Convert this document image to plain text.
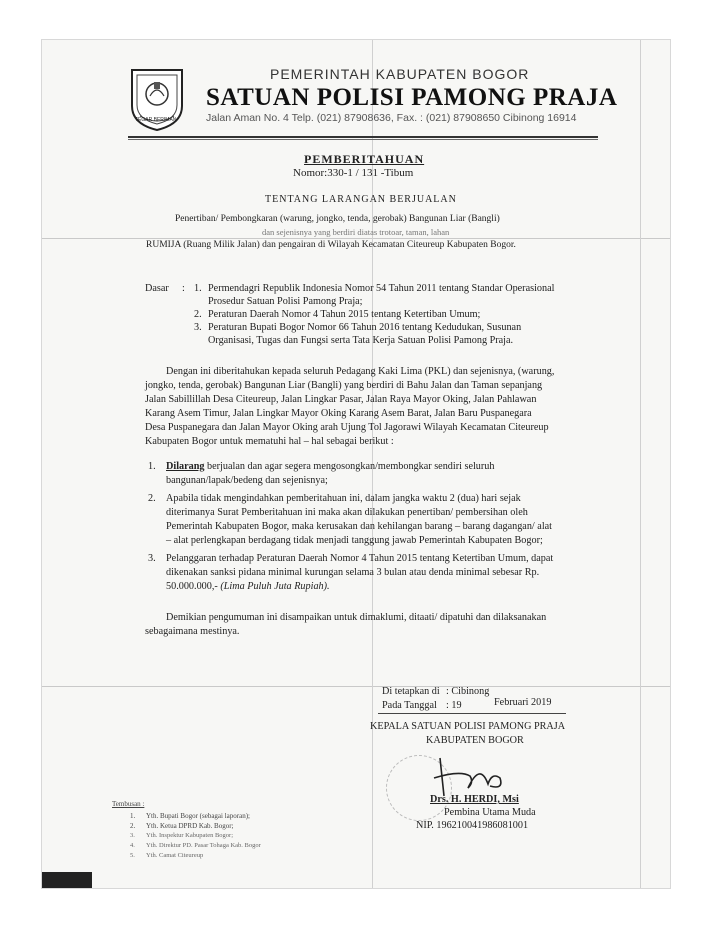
TEGAR BERIMAN
PEMERINTAH KABUPATEN BOGOR
SATUAN POLISI PAMONG PRAJA
Jalan Aman No. 4 Telp. (021) 87908636, Fax. : (021) 87908650 Cibinong 16914
PEMBERITAHUAN
Nomor:330-1 / 131 -Tibum
TENTANG LARANGAN BERJUALAN
Penertiban/ Pembongkaran (warung, jongko, tenda, gerobak) Bangunan Liar (Bangli)
dan sejenisnya yang berdiri diatas trotoar, taman, lahan
RUMIJA (Ruang Milik Jalan) dan pengairan di Wilayah Kecamatan Citeureup Kabupaten Bogor.
Dasar : 1. Permendagri Republik Indonesia Nomor 54 Tahun 2011 tentang Standar Operasional
Prosedur Satuan Polisi Pamong Praja;
2. Peraturan Daerah Nomor 4 Tahun 2015 tentang Ketertiban Umum;
3. Peraturan Bupati Bogor Nomor 66 Tahun 2016 tentang Kedudukan, Susunan
Organisasi, Tugas dan Fungsi serta Tata Kerja Satuan Polisi Pamong Praja.
Dengan ini diberitahukan kepada seluruh Pedagang Kaki Lima (PKL) dan sejenisnya, (warung,
jongko, tenda, gerobak) Bangunan Liar (Bangli) yang berdiri di Bahu Jalan dan Taman sepanjang
Jalan Sabillillah Desa Citeureup, Jalan Lingkar Pasar, Jalan Raya Mayor Oking, Jalan Pahlawan
Karang Asem Timur, Jalan Lingkar Mayor Oking Karang Asem Barat, Jalan Baru Puspanegara
Desa Puspanegara dan Jalan Mayor Oking arah Ujung Tol Jagorawi Wilayah Kecamatan Citeureup
Kabupaten Bogor untuk mematuhi hal – hal sebagai berikut :
1. Dilarang berjualan dan agar segera mengosongkan/membongkar sendiri seluruh
bangunan/lapak/bedeng dan sejenisnya;
2. Apabila tidak mengindahkan pemberitahuan ini, dalam jangka waktu 2 (dua) hari sejak
diterimanya Surat Pemberitahuan ini maka akan dilakukan penertiban/ pembersihan oleh
Pemerintah Kabupaten Bogor, maka kerusakan dan kehilangan barang – barang dagangan/ alat
– alat perlengkapan berdagang tidak menjadi tanggung jawab Pemerintah Kabupaten Bogor;
3. Pelanggaran terhadap Peraturan Daerah Nomor 4 Tahun 2015 tentang Ketertiban Umum, dapat
dikenakan sanksi pidana minimal kurungan selama 3 bulan atau denda minimal sebesar Rp.
50.000.000,- (Lima Puluh Juta Rupiah).
Demikian pengumuman ini disampaikan untuk dimaklumi, ditaati/ dipatuhi dan dilaksanakan
sebagaimana mestinya.
Di tetapkan di : Cibinong
Pada Tanggal : 19	Februari 2019
KEPALA SATUAN POLISI PAMONG PRAJA
KABUPATEN BOGOR
Drs. H. HERDI, Msi
Pembina Utama Muda
NIP. 196210041986081001
Tembusan :
1. Yth. Bupati Bogor (sebagai laporan);
2. Yth. Ketua DPRD Kab. Bogor;
3. Yth. Inspektur Kabupaten Bogor;
4. Yth. Direktur PD. Pasar Tohaga Kab. Bogor
5. Yth. Camat Citeureup
